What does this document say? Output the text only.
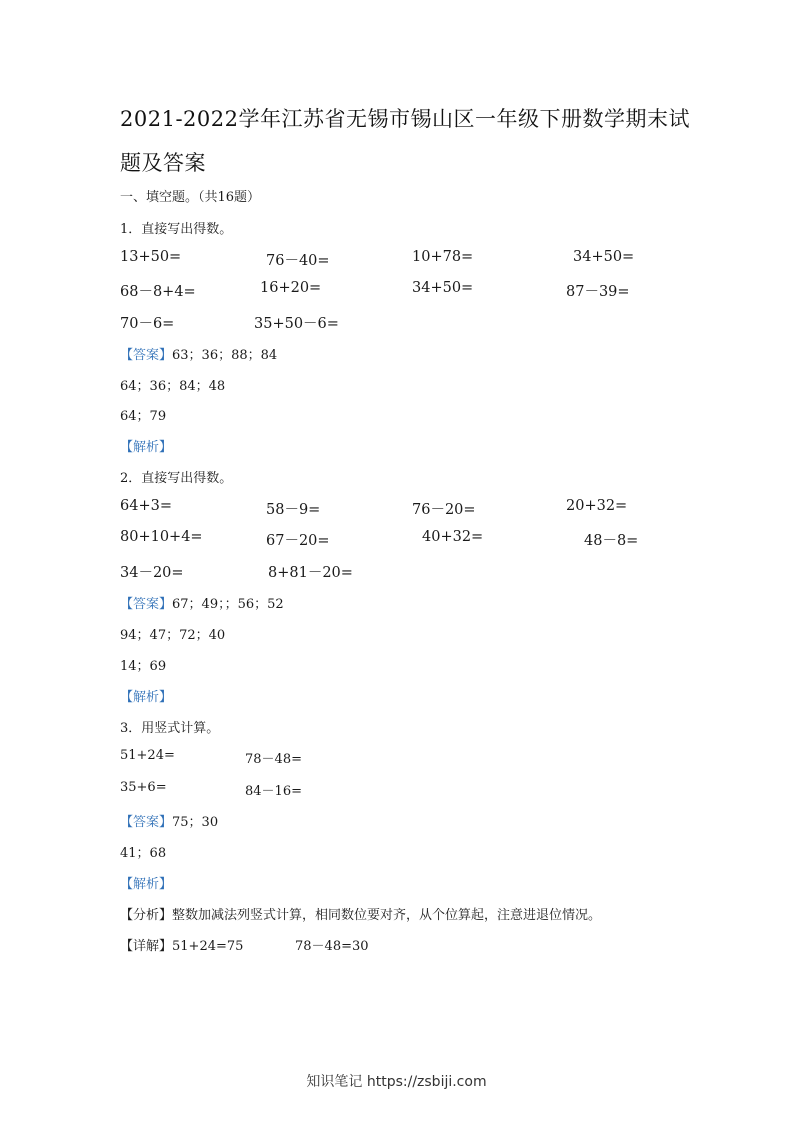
2021-2022学年江苏省无锡市锡山区一年级下册数学期末试
题及答案
一、填空题。（共16题）
1．直接写出得数。
13+50=	76－40=	10+78=	34+50=
68－8+4=	16+20=	34+50=	87－39=
70－6=	35+50－6=
【答案】63；36；88；84
64；36；84；48
64；79
【解析】
2．直接写出得数。
64+3=	58－9=	76－20=	20+32=
80+10+4=	67－20=	40+32=	48－8=
34－20=	8+81－20=
【答案】67；49；；56；52
94；47；72；40
14；69
【解析】
3．用竖式计算。
51+24=	78－48=
35+6=	84－16=
【答案】75；30
41；68
【解析】
【分析】整数加减法列竖式计算，相同数位要对齐，从个位算起，注意进退位情况。
【详解】51+24=75	78－48=30
知识笔记 https://zsbiji.com
